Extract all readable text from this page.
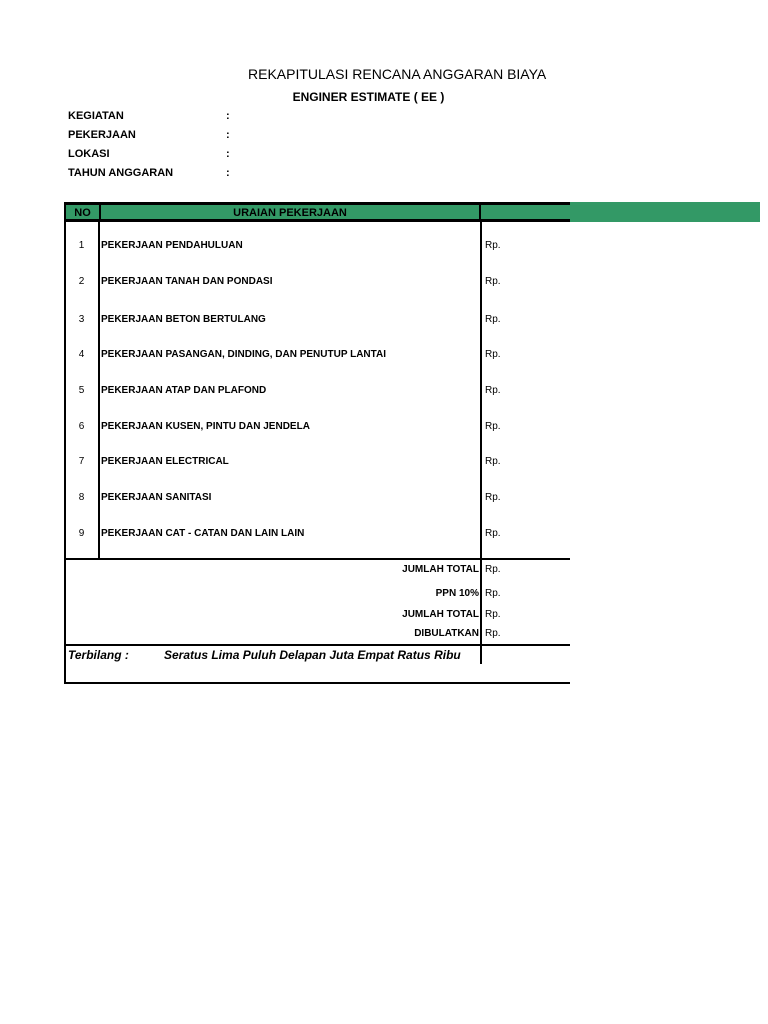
REKAPITULASI RENCANA ANGGARAN BIAYA
ENGINER ESTIMATE ( EE )
KEGIATAN	:
PEKERJAAN	:
LOKASI	:
TAHUN ANGGARAN	:
NO	URAIAN PEKERJAAN
1	PEKERJAAN PENDAHULUAN	Rp.
2	PEKERJAAN TANAH DAN PONDASI	Rp.
3	PEKERJAAN BETON BERTULANG	Rp.
4	PEKERJAAN PASANGAN, DINDING, DAN PENUTUP LANTAI	Rp.
5	PEKERJAAN ATAP DAN PLAFOND	Rp.
6	PEKERJAAN KUSEN, PINTU DAN JENDELA	Rp.
7	PEKERJAAN ELECTRICAL	Rp.
8	PEKERJAAN SANITASI	Rp.
9	PEKERJAAN CAT - CATAN DAN LAIN LAIN	Rp.
JUMLAH TOTAL Rp.
PPN 10% Rp.
JUMLAH TOTAL Rp.
DIBULATKAN Rp.
Terbilang :	Seratus Lima Puluh Delapan Juta Empat Ratus Ribu
